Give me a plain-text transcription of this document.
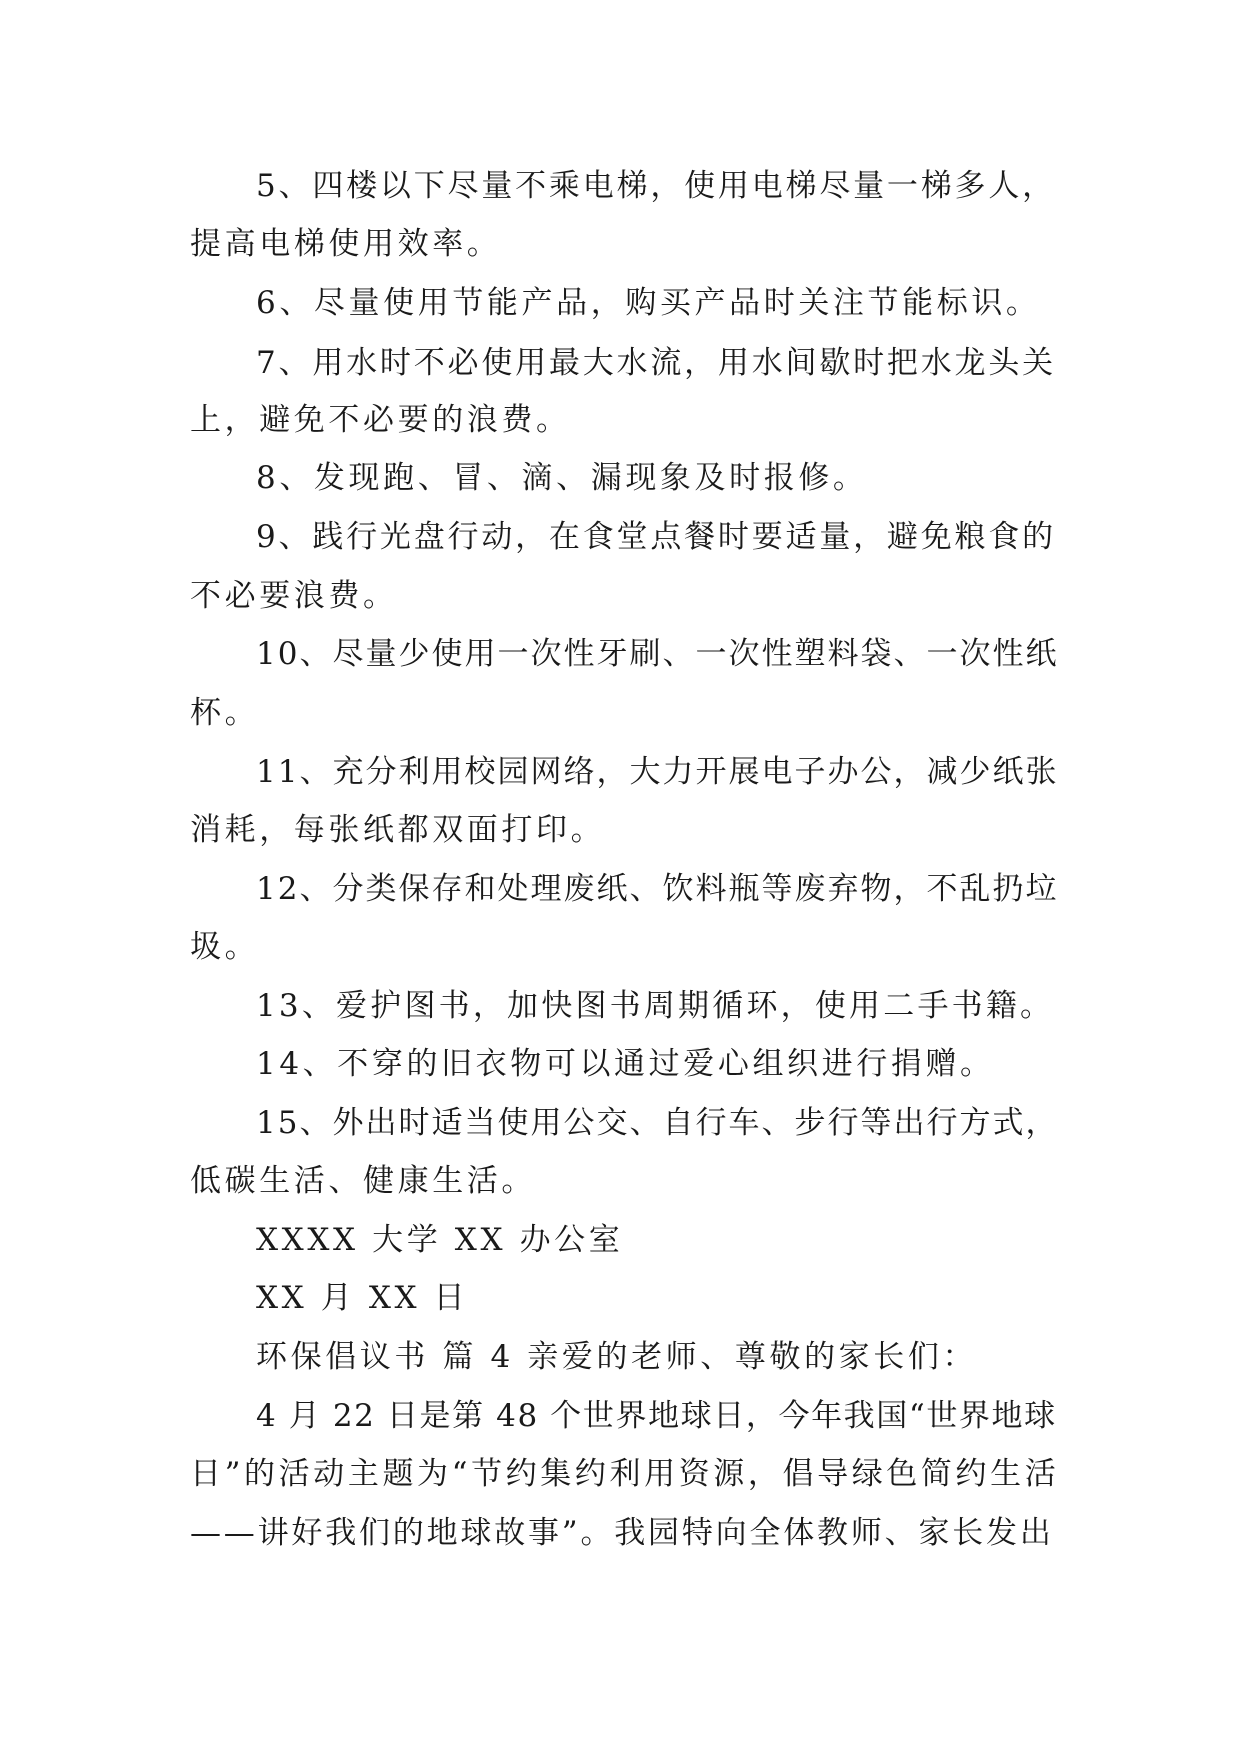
5、四楼以下尽量不乘电梯，使用电梯尽量一梯多人，
提高电梯使用效率。
6、尽量使用节能产品，购买产品时关注节能标识。
7、用水时不必使用最大水流，用水间歇时把水龙头关
上，避免不必要的浪费。
8、发现跑、冒、滴、漏现象及时报修。
9、践行光盘行动，在食堂点餐时要适量，避免粮食的
不必要浪费。
10、尽量少使用一次性牙刷、一次性塑料袋、一次性纸
杯。
11、充分利用校园网络，大力开展电子办公，减少纸张
消耗，每张纸都双面打印。
12、分类保存和处理废纸、饮料瓶等废弃物，不乱扔垃
圾。
13、爱护图书，加快图书周期循环，使用二手书籍。
14、不穿的旧衣物可以通过爱心组织进行捐赠。
15、外出时适当使用公交、自行车、步行等出行方式，
低碳生活、健康生活。
XXXX 大学 XX 办公室
XX 月 XX 日
环保倡议书 篇 4 亲爱的老师、尊敬的家长们：
4 月 22 日是第 48 个世界地球日，今年我国“世界地球
日”的活动主题为“节约集约利用资源，倡导绿色简约生活
——讲好我们的地球故事”。我园特向全体教师、家长发出
